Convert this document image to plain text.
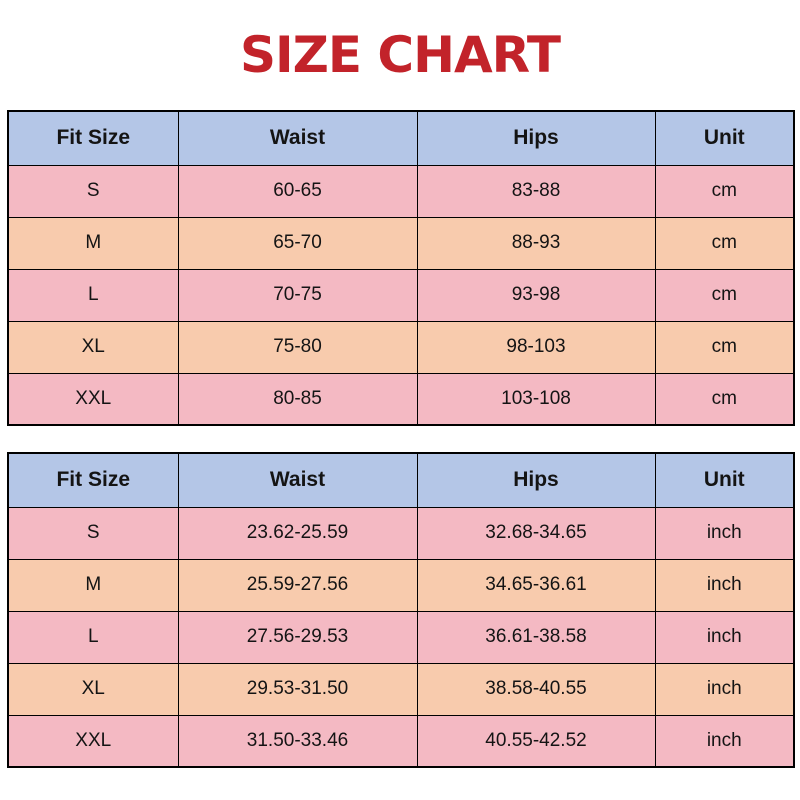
SIZE CHART
Fit Size	Waist	Hips	Unit
S	60-65	83-88	cm
M	65-70	88-93	cm
L	70-75	93-98	cm
XL	75-80	98-103	cm
XXL	80-85	103-108	cm
Fit Size	Waist	Hips	Unit
S	23.62-25.59	32.68-34.65	inch
M	25.59-27.56	34.65-36.61	inch
L	27.56-29.53	36.61-38.58	inch
XL	29.53-31.50	38.58-40.55	inch
XXL	31.50-33.46	40.55-42.52	inch
